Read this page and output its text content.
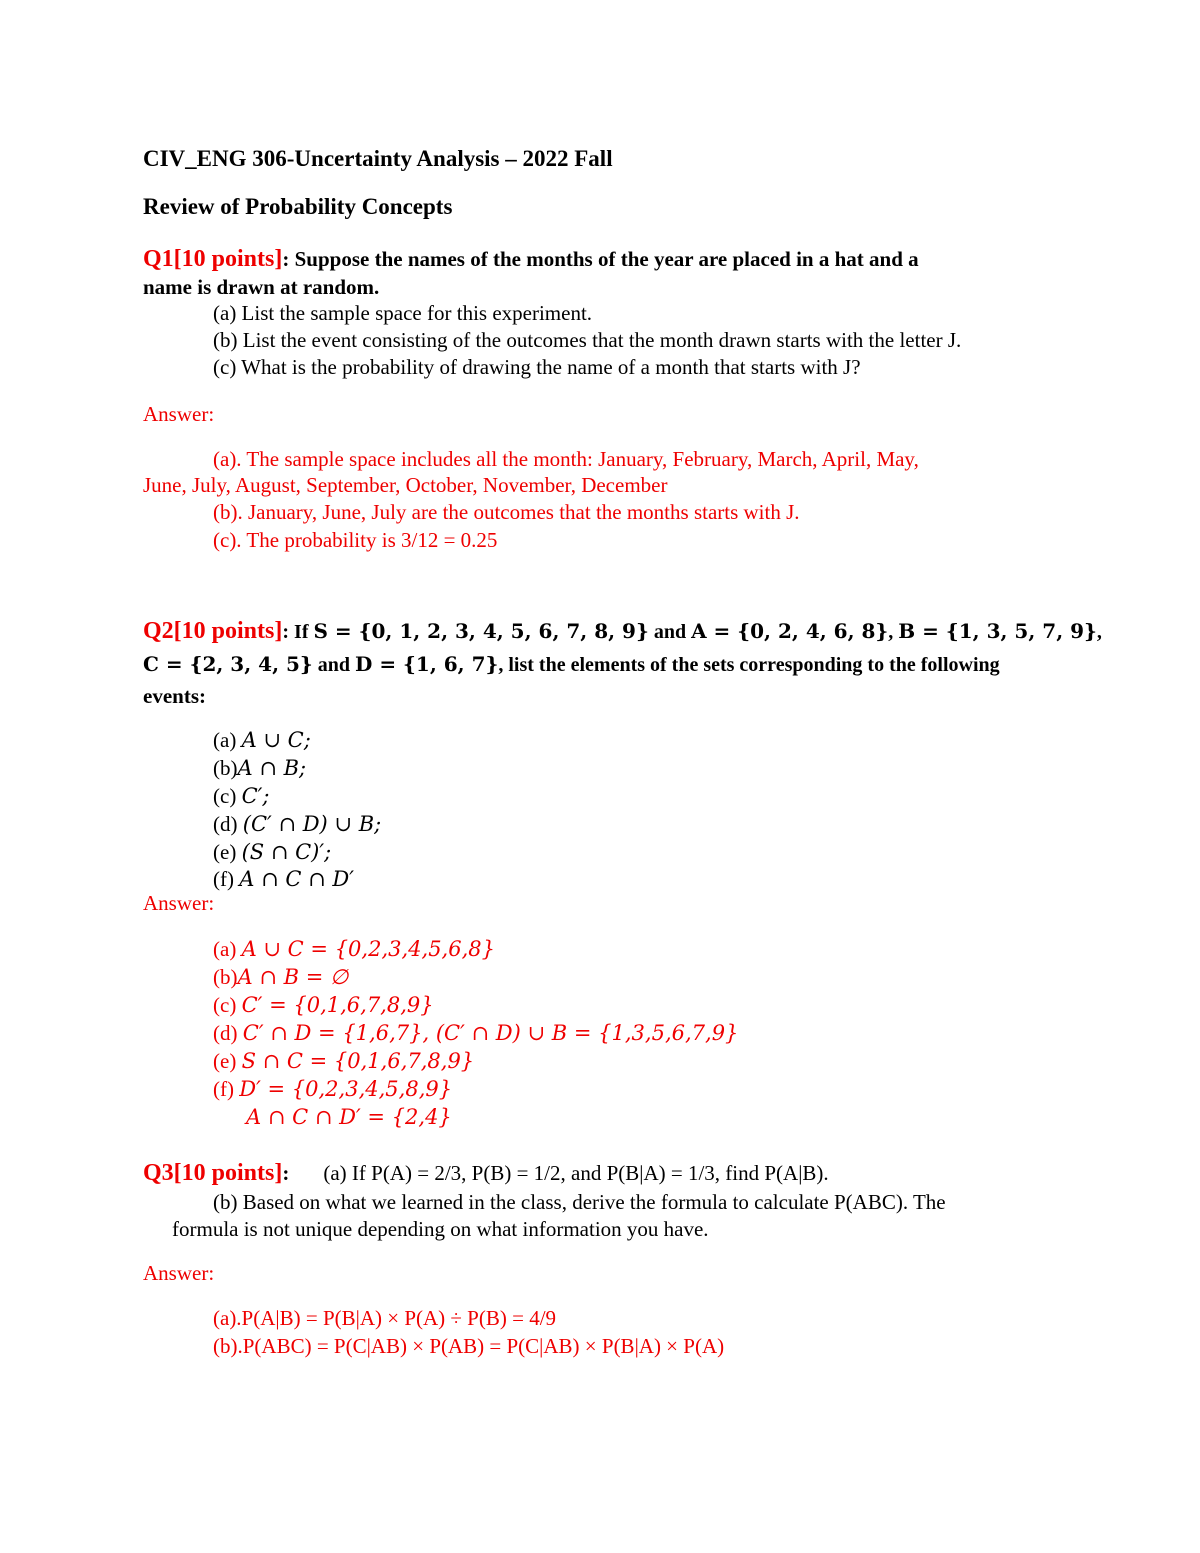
CIV_ENG 306-Uncertainty Analysis – 2022 Fall
Review of Probability Concepts
Q1[10 points]: Suppose the names of the months of the year are placed in a hat and a
name is drawn at random.
(a) List the sample space for this experiment.
(b) List the event consisting of the outcomes that the month drawn starts with the letter J.
(c) What is the probability of drawing the name of a month that starts with J?
Answer:
(a). The sample space includes all the month: January, February, March, April, May,
June, July, August, September, October, November, December
(b). January, June, July are the outcomes that the months starts with J.
(c). The probability is 3/12 = 0.25
Q2[10 points]: If S = {0, 1, 2, 3, 4, 5, 6, 7, 8, 9} and A = {0, 2, 4, 6, 8}, B = {1, 3, 5, 7, 9},
C = {2, 3, 4, 5} and D = {1, 6, 7}, list the elements of the sets corresponding to the following
events:
(a) A ∪ C;
(b)A ∩ B;
(c) C′;
(d) (C′ ∩ D) ∪ B;
(e) (S ∩ C)′;
(f) A ∩ C ∩ D′
Answer:
(a) A ∪ C = {0,2,3,4,5,6,8}
(b)A ∩ B = ∅
(c) C′ = {0,1,6,7,8,9}
(d) C′ ∩ D = {1,6,7}, (C′ ∩ D) ∪ B = {1,3,5,6,7,9}
(e) S ∩ C = {0,1,6,7,8,9}
(f) D′ = {0,2,3,4,5,8,9}
A ∩ C ∩ D′ = {2,4}
Q3[10 points]: (a) If P(A) = 2/3, P(B) = 1/2, and P(B|A) = 1/3, find P(A|B).
(b) Based on what we learned in the class, derive the formula to calculate P(ABC). The
formula is not unique depending on what information you have.
Answer:
(a).P(A|B) = P(B|A) × P(A) ÷ P(B) = 4/9
(b).P(ABC) = P(C|AB) × P(AB) = P(C|AB) × P(B|A) × P(A)
